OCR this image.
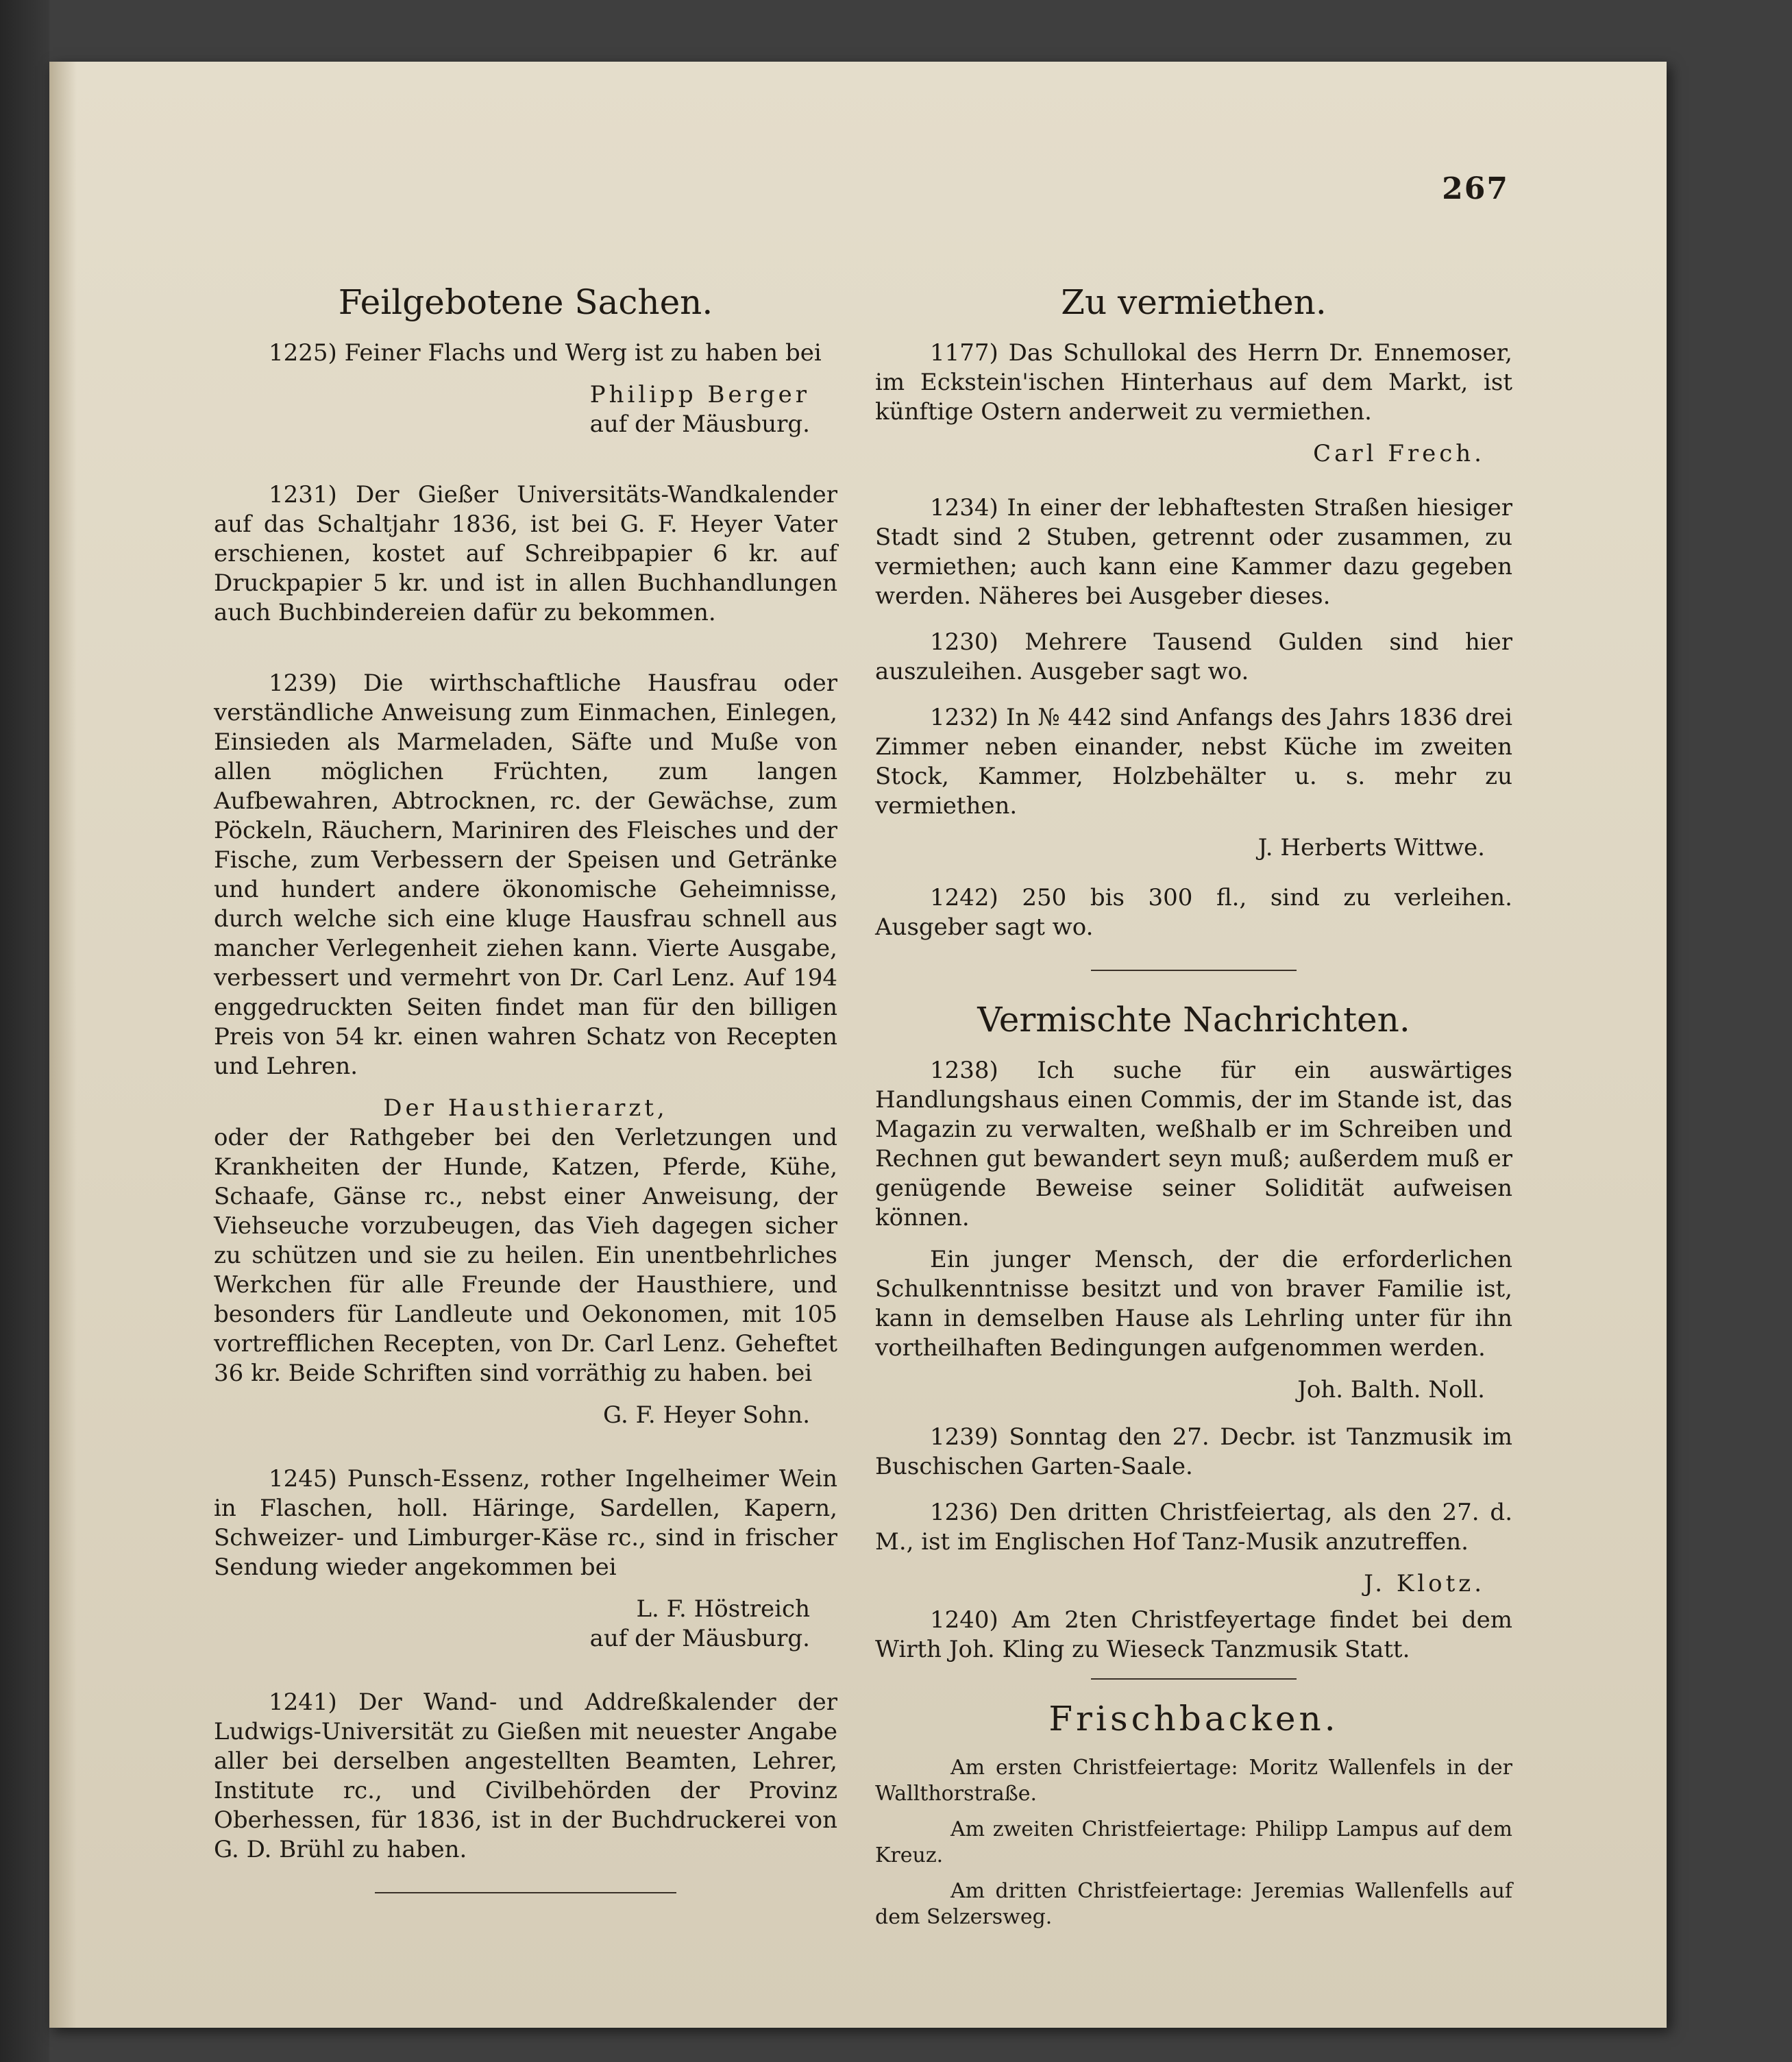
267
Feilgebotene Sachen.
1225) Feiner Flachs und Werg ist zu haben bei
Philipp Berger
auf der Mäusburg.
1231) Der Gießer Universitäts-Wandkalender auf das Schaltjahr 1836, ist bei G. F. Heyer Vater erschienen, kostet auf Schreibpapier 6 kr. auf Druckpapier 5 kr. und ist in allen Buchhandlungen auch Buchbindereien dafür zu bekommen.
1239) Die wirthschaftliche Hausfrau oder verständliche Anweisung zum Einmachen, Einlegen, Einsieden als Marmeladen, Säfte und Muße von allen möglichen Früchten, zum langen Aufbewahren, Abtrocknen, rc. der Gewächse, zum Pöckeln, Räuchern, Mariniren des Fleisches und der Fische, zum Verbessern der Speisen und Getränke und hundert andere ökonomische Geheimnisse, durch welche sich eine kluge Hausfrau schnell aus mancher Verlegenheit ziehen kann. Vierte Ausgabe, verbessert und vermehrt von Dr. Carl Lenz. Auf 194 enggedruckten Seiten findet man für den billigen Preis von 54 kr. einen wahren Schatz von Recepten und Lehren.
Der Hausthierarzt,
oder der Rathgeber bei den Verletzungen und Krankheiten der Hunde, Katzen, Pferde, Kühe, Schaafe, Gänse rc., nebst einer Anweisung, der Viehseuche vorzubeugen, das Vieh dagegen sicher zu schützen und sie zu heilen. Ein unentbehrliches Werkchen für alle Freunde der Hausthiere, und besonders für Landleute und Oekonomen, mit 105 vortrefflichen Recepten, von Dr. Carl Lenz. Geheftet 36 kr. Beide Schriften sind vorräthig zu haben. bei
G. F. Heyer Sohn.
1245) Punsch-Essenz, rother Ingelheimer Wein in Flaschen, holl. Häringe, Sardellen, Kapern, Schweizer- und Limburger-Käse rc., sind in frischer Sendung wieder angekommen bei
L. F. Höstreich
auf der Mäusburg.
1241) Der Wand- und Addreßkalender der Ludwigs-Universität zu Gießen mit neuester Angabe aller bei derselben angestellten Beamten, Lehrer, Institute rc., und Civilbehörden der Provinz Oberhessen, für 1836, ist in der Buchdruckerei von G. D. Brühl zu haben.
Zu vermiethen.
1177) Das Schullokal des Herrn Dr. Ennemoser, im Eckstein'ischen Hinterhaus auf dem Markt, ist künftige Ostern anderweit zu vermiethen.
Carl Frech.
1234) In einer der lebhaftesten Straßen hiesiger Stadt sind 2 Stuben, getrennt oder zusammen, zu vermiethen; auch kann eine Kammer dazu gegeben werden. Näheres bei Ausgeber dieses.
1230) Mehrere Tausend Gulden sind hier auszuleihen. Ausgeber sagt wo.
1232) In № 442 sind Anfangs des Jahrs 1836 drei Zimmer neben einander, nebst Küche im zweiten Stock, Kammer, Holzbehälter u. s. mehr zu vermiethen.
J. Herberts Wittwe.
1242) 250 bis 300 fl., sind zu verleihen. Ausgeber sagt wo.
Vermischte Nachrichten.
1238) Ich suche für ein auswärtiges Handlungshaus einen Commis, der im Stande ist, das Magazin zu verwalten, weßhalb er im Schreiben und Rechnen gut bewandert seyn muß; außerdem muß er genügende Beweise seiner Solidität aufweisen können.
Ein junger Mensch, der die erforderlichen Schulkenntnisse besitzt und von braver Familie ist, kann in demselben Hause als Lehrling unter für ihn vortheilhaften Bedingungen aufgenommen werden.
Joh. Balth. Noll.
1239) Sonntag den 27. Decbr. ist Tanzmusik im Buschischen Garten-Saale.
1236) Den dritten Christfeiertag, als den 27. d. M., ist im Englischen Hof Tanz-Musik anzutreffen.
J. Klotz.
1240) Am 2ten Christfeyertage findet bei dem Wirth Joh. Kling zu Wieseck Tanzmusik Statt.
Frischbacken.
Am ersten Christfeiertage: Moritz Wallenfels in der Wallthorstraße.
Am zweiten Christfeiertage: Philipp Lampus auf dem Kreuz.
Am dritten Christfeiertage: Jeremias Wallenfells auf dem Selzersweg.
